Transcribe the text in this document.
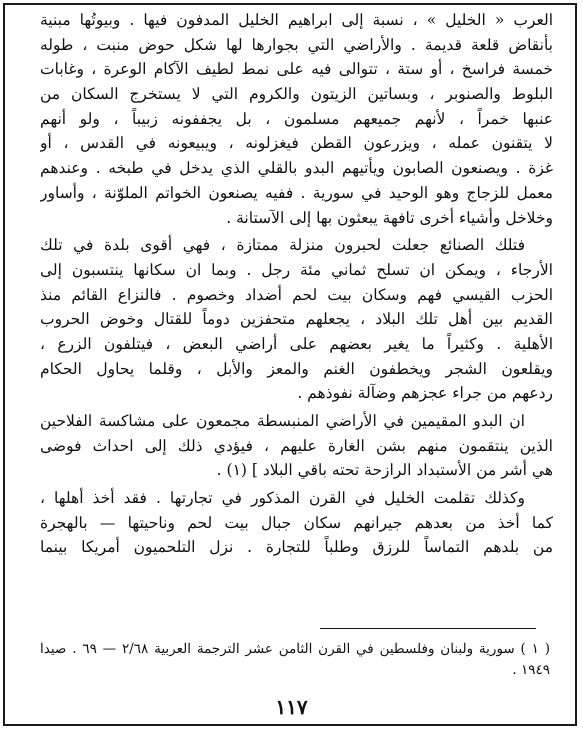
العرب « الخليل » ، نسبة إلى ابراهيم الخليل المدفون فيها . وبيوتُها مبنية
بأنقاض قلعة قديمة . والأراضي التي بجوارها لها شكل حوض منبت ، طوله
خمسة فراسخ ، أو ستة ، تتوالى فيه على نمط لطيف الآكام الوعرة ، وغابات
البلوط والصنوبر ، وبساتين الزيتون والكروم التي لا يستخرج السكان من
عنبها خمراً ، لأنهم جميعهم مسلمون ، بل يجففونه زبيباً ، ولو أنهم
لا يتقنون عمله ، ويزرعون القطن فيغزلونه ، ويبيعونه في القدس ، أو
غزة . ويصنعون الصابون ويأتيهم البدو بالقلي الذي يدخل في طبخه . وعندهم
معمل للزجاج وهو الوحيد في سورية . ففيه يصنعون الخواتم الملوّنة ، وأساور
وخلاخل وأشياء أخرى تافهة يبعثون بها إلى الآستانة .
فتلك الصنائع جعلت لحبرون منزلة ممتازة ، فهي أقوى بلدة في تلك
الأرجاء ، ويمكن ان تسلح ثماني مئة رجل . وبما ان سكانها ينتسبون إلى
الحزب القيسي فهم وسكان بيت لحم أضداد وخصوم . فالنزاع القائم منذ
القديم بين أهل تلك البلاد ، يجعلهم متحفزين دوماً للقتال وخوض الحروب
الأهلية . وكثيراً ما يغير بعضهم على أراضي البعض ، فيتلفون الزرع ،
ويقلعون الشجر ويخطفون الغنم والمعز والأبل ، وقلما يحاول الحكام
ردعهم من جراء عجزهم وضآلة نفوذهم .
ان البدو المقيمين في الأراضي المنبسطة مجمعون على مشاكسة الفلاحين
الذين ينتقمون منهم بشن الغارة عليهم ، فيؤدي ذلك إلى احداث فوضى
هي أشر من الأستبداد الرازحة تحته باقي البلاد ] (١) .
وكذلك تقلمت الخليل في القرن المذكور في تجارتها . فقد أخذ أهلها ،
كما أخذ من بعدهم جيرانهم سكان جبال بيت لحم وناحيتها — بالهجرة
من بلدهم التماساً للرزق وطلباً للتجارة . نزل التلحميون أمريكا بينما
( ١ ) سورية ولبنان وفلسطين في القرن الثامن عشر الترجمة العربية ٢/٦٨ — ٦٩ . صيدا
١٩٤٩ .
١١٧
